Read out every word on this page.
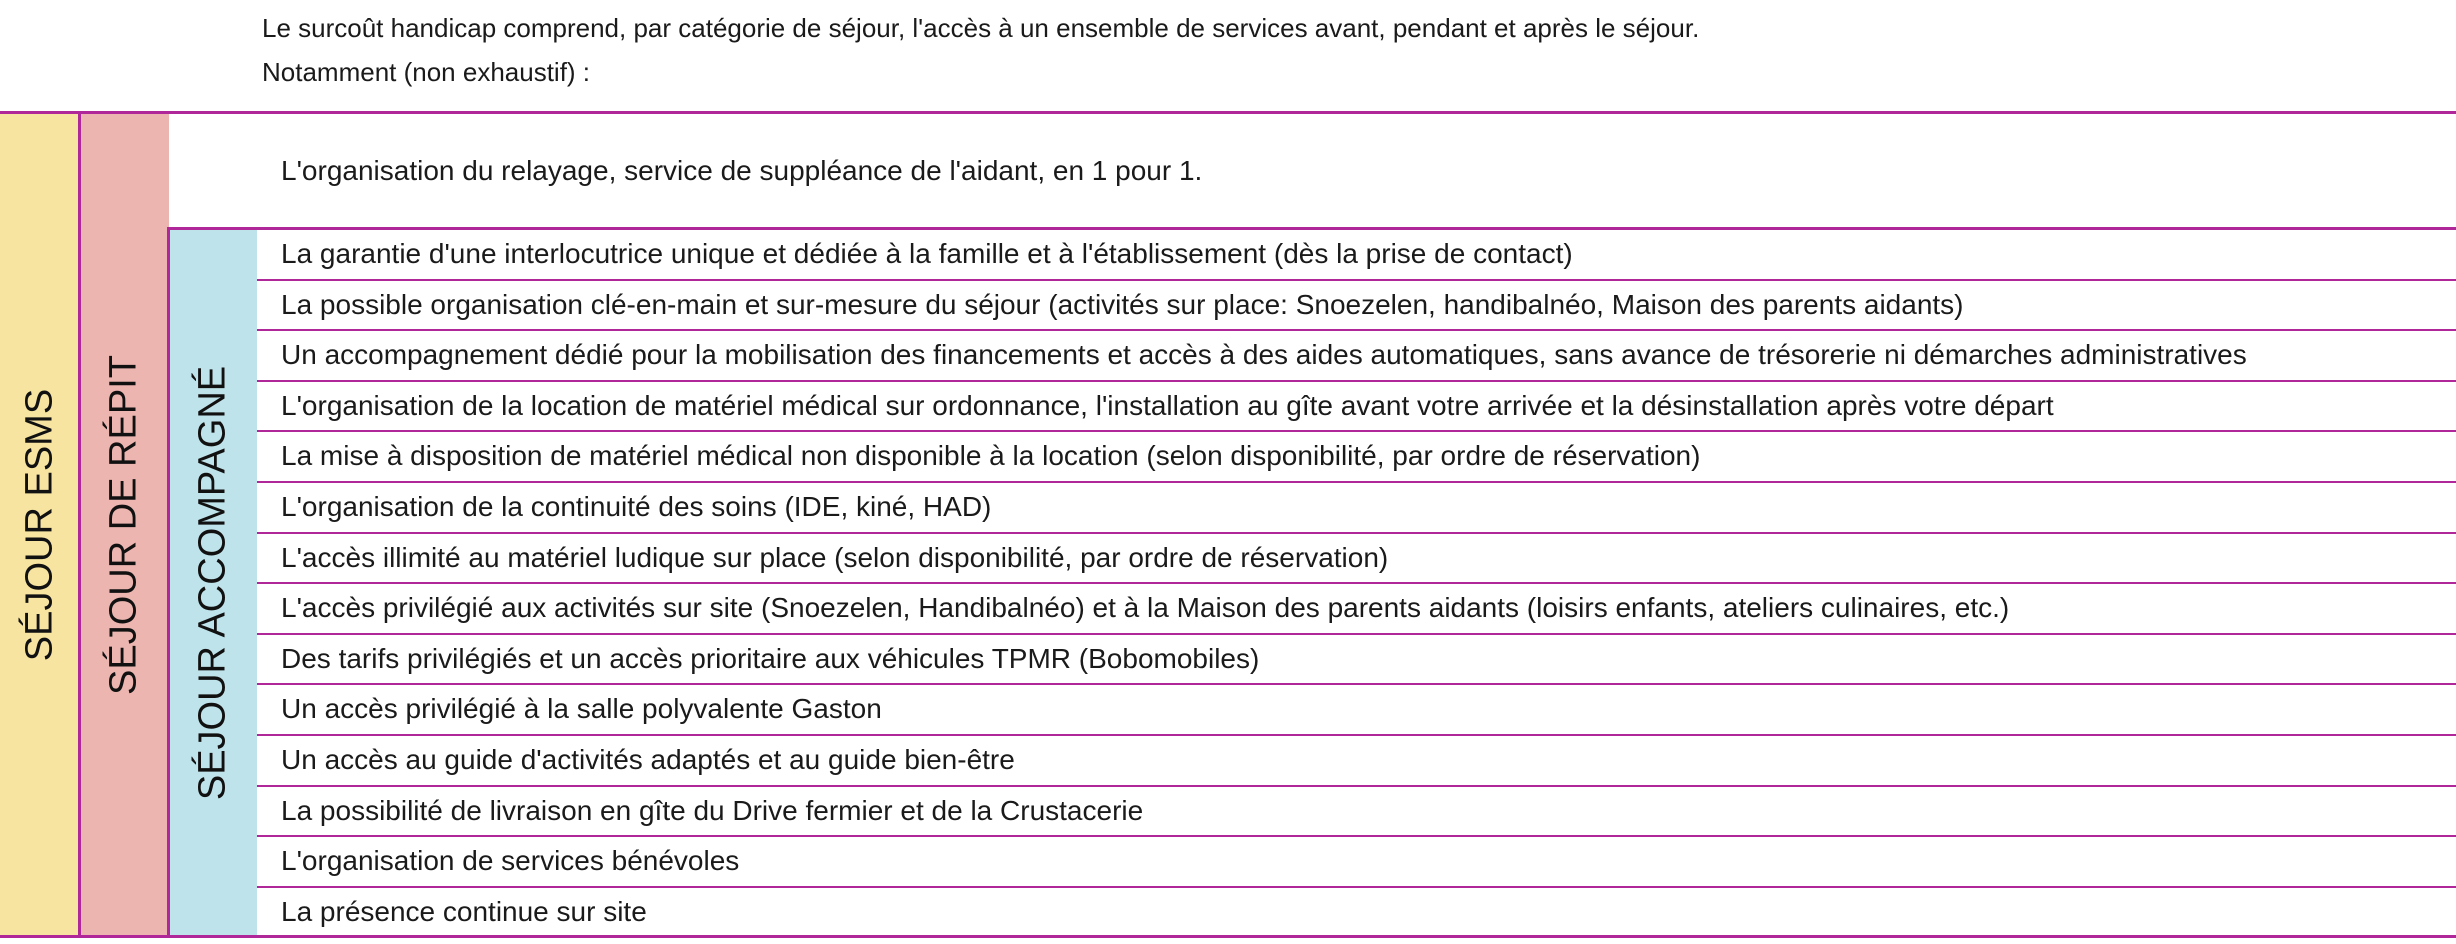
Le surcoût handicap comprend, par catégorie de séjour, l'accès à un ensemble de services avant, pendant et après le séjour.
Notamment (non exhaustif) :
SÉJOUR ESMS SÉJOUR DE RÉPIT SÉJOUR ACCOMPAGNÉ
L'organisation du relayage, service de suppléance de l'aidant, en 1 pour 1.
La garantie d'une interlocutrice unique et dédiée à la famille et à l'établissement (dès la prise de contact)
La possible organisation clé-en-main et sur-mesure du séjour (activités sur place: Snoezelen, handibalnéo, Maison des parents aidants)
Un accompagnement dédié pour la mobilisation des financements et accès à des aides automatiques, sans avance de trésorerie ni démarches administratives
L'organisation de la location de matériel médical sur ordonnance, l'installation au gîte avant votre arrivée et la désinstallation après votre départ
La mise à disposition de matériel médical non disponible à la location (selon disponibilité, par ordre de réservation)
L'organisation de la continuité des soins (IDE, kiné, HAD)
L'accès illimité au matériel ludique sur place (selon disponibilité, par ordre de réservation)
L'accès privilégié aux activités sur site (Snoezelen, Handibalnéo) et à la Maison des parents aidants (loisirs enfants, ateliers culinaires, etc.)
Des tarifs privilégiés et un accès prioritaire aux véhicules TPMR (Bobomobiles)
Un accès privilégié à la salle polyvalente Gaston
Un accès au guide d'activités adaptés et au guide bien-être
La possibilité de livraison en gîte du Drive fermier et de la Crustacerie
L'organisation de services bénévoles
La présence continue sur site
